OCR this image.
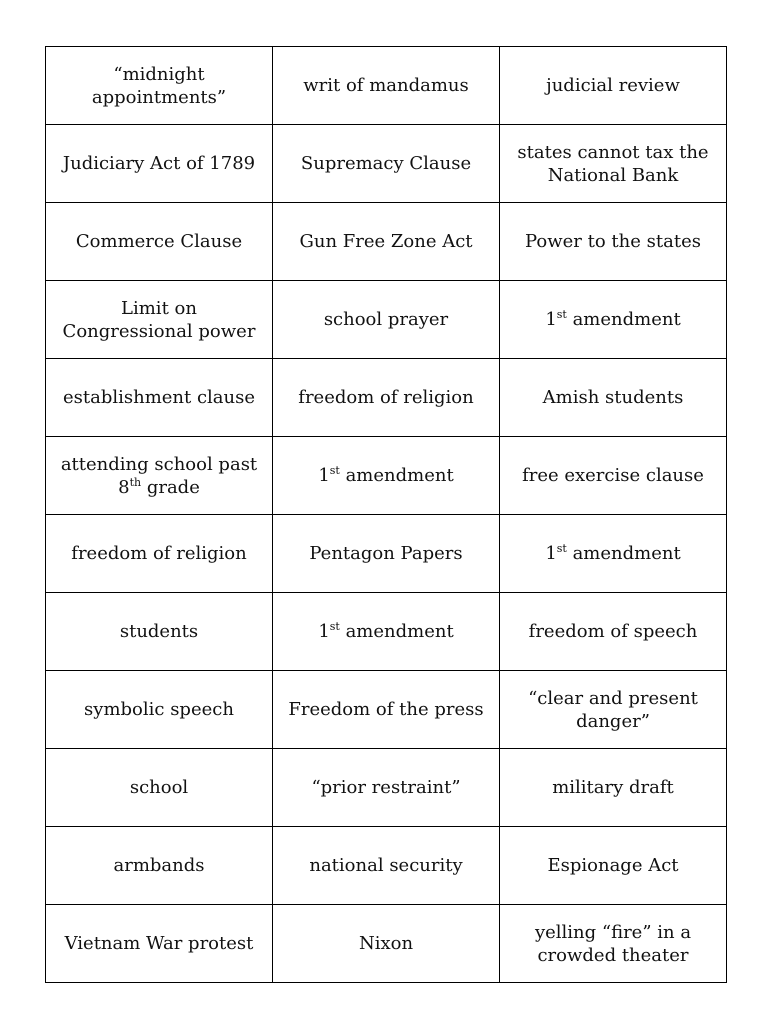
“midnight appointments”	writ of mandamus	judicial review
Judiciary Act of 1789	Supremacy Clause	states cannot tax the National Bank
Commerce Clause	Gun Free Zone Act	Power to the states
Limit on Congressional power	school prayer	1st amendment
establishment clause	freedom of religion	Amish students
attending school past 8th grade	1st amendment	free exercise clause
freedom of religion	Pentagon Papers	1st amendment
students	1st amendment	freedom of speech
symbolic speech	Freedom of the press	“clear and present danger”
school	“prior restraint”	military draft
armbands	national security	Espionage Act
Vietnam War protest	Nixon	yelling “fire” in a crowded theater
